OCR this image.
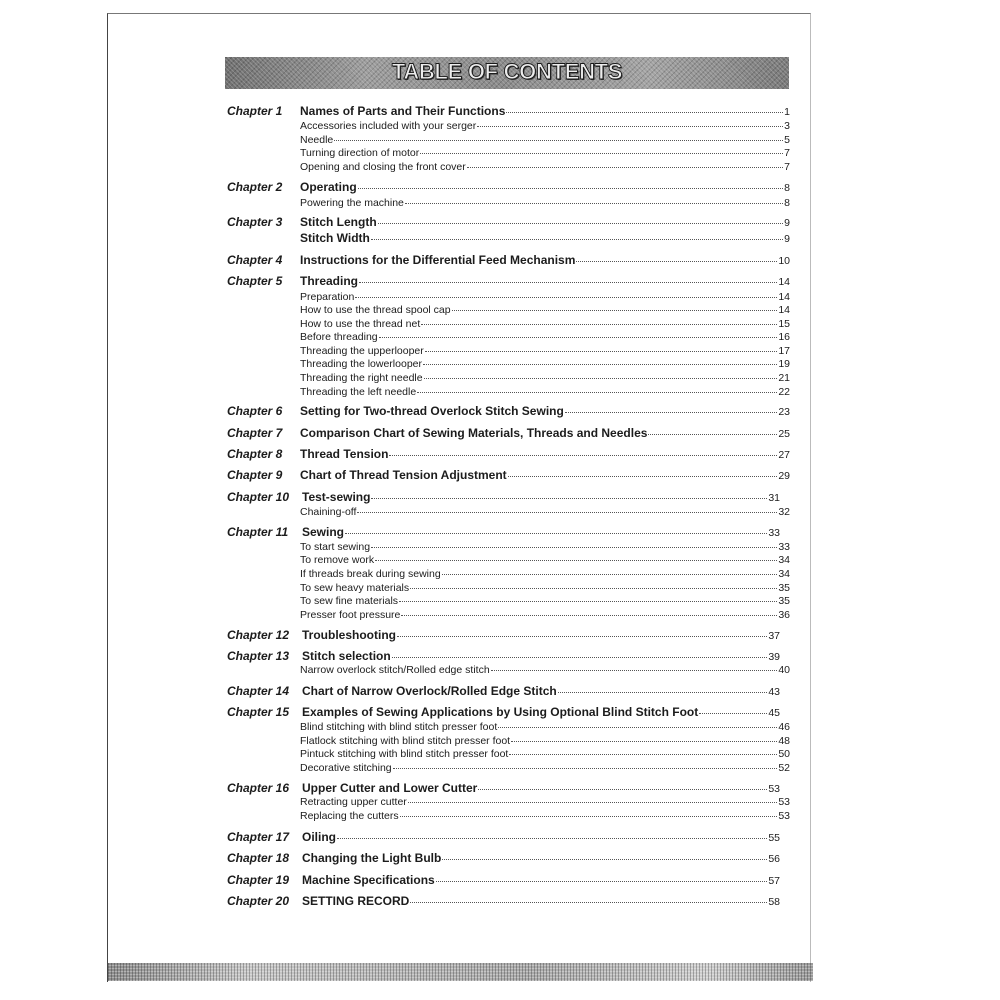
TABLE OF CONTENTS
Chapter 1 Names of Parts and Their Functions	1
Accessories included with your serger	3
Needle	5
Turning direction of motor	7
Opening and closing the front cover	7
Chapter 2 Operating	8
Powering the machine	8
Chapter 3 Stitch Length	9
Stitch Width	9
Chapter 4 Instructions for the Differential Feed Mechanism	10
Chapter 5 Threading	14
Preparation	14
How to use the thread spool cap	14
How to use the thread net	15
Before threading	16
Threading the upperlooper	17
Threading the lowerlooper	19
Threading the right needle	21
Threading the left needle	22
Chapter 6 Setting for Two-thread Overlock Stitch Sewing	23
Chapter 7 Comparison Chart of Sewing Materials, Threads and Needles	25
Chapter 8 Thread Tension	27
Chapter 9 Chart of Thread Tension Adjustment	29
Chapter 10 Test-sewing	31
Chaining-off	32
Chapter 11 Sewing	33
To start sewing	33
To remove work	34
If threads break during sewing	34
To sew heavy materials	35
To sew fine materials	35
Presser foot pressure	36
Chapter 12 Troubleshooting	37
Chapter 13 Stitch selection	39
Narrow overlock stitch/Rolled edge stitch	40
Chapter 14 Chart of Narrow Overlock/Rolled Edge Stitch	43
Chapter 15 Examples of Sewing Applications by Using Optional Blind Stitch Foot	45
Blind stitching with blind stitch presser foot	46
Flatlock stitching with blind stitch presser foot	48
Pintuck stitching with blind stitch presser foot	50
Decorative stitching	52
Chapter 16 Upper Cutter and Lower Cutter	53
Retracting upper cutter	53
Replacing the cutters	53
Chapter 17 Oiling	55
Chapter 18 Changing the Light Bulb	56
Chapter 19 Machine Specifications	57
Chapter 20 SETTING RECORD	58
